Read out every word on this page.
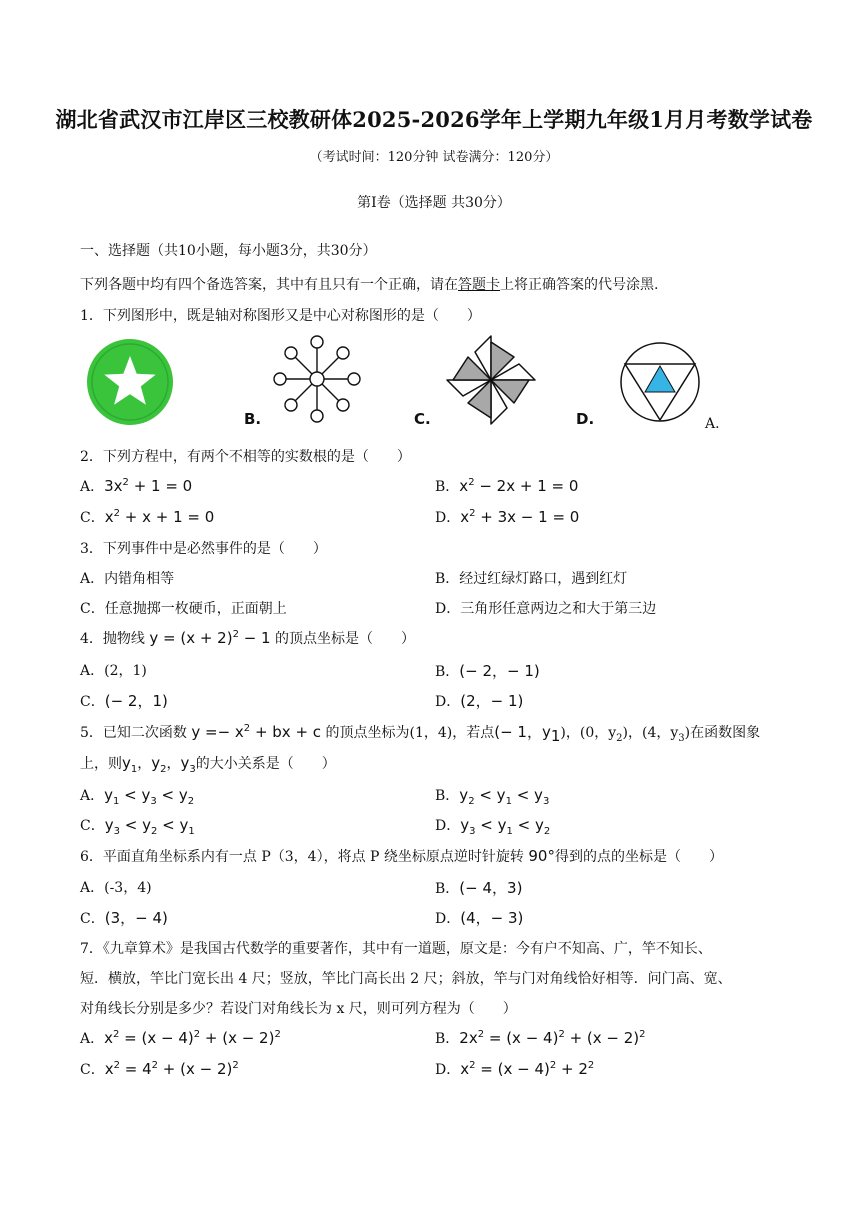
湖北省武汉市江岸区三校教研体2025-2026学年上学期九年级1月月考数学试卷
（考试时间：120分钟 试卷满分：120分）
第Ⅰ卷（选择题 共30分）
一、选择题（共10小题，每小题3分，共30分）
下列各题中均有四个备选答案，其中有且只有一个正确，请在答题卡上将正确答案的代号涂黑.
1．下列图形中，既是轴对称图形又是中心对称图形的是（　　）
B.	C.	D.	A.
2．下列方程中，有两个不相等的实数根的是（　　）
A．$3x^2 + 1 = 0$	B．$x^2 - 2x + 1 = 0$
C．$x^2 + x + 1 = 0$	D．$x^2 + 3x - 1 = 0$
3．下列事件中是必然事件的是（　　）
A．内错角相等	B．经过红绿灯路口，遇到红灯
C．任意抛掷一枚硬币，正面朝上	D．三角形任意两边之和大于第三边
4．抛物线 $y = (x + 2)^2 - 1$ 的顶点坐标是（　　）
A．(2，1)	B．(− 2，− 1)
C．(− 2，1)	D．(2，− 1)
5．已知二次函数 $y =- x^2$ + bx + c 的顶点坐标为(1，4)，若点(− 1，$y_1$)，(0，$y_2$)，(4，$y_3$)在函数图象
上，则$y_1$，$y_2$，$y_3$的大小关系是（　　）
A．$y_1 < y_3 < y_2$	B．$y_2 < y_1 < y_3$
C．$y_3 < y_2 < y_1$	D．$y_3 < y_1 < y_2$
6．平面直角坐标系内有一点 P（3，4），将点 P 绕坐标原点逆时针旋转 90°得到的点的坐标是（　　）
A．(-3，4)	B．(− 4，3)
C．(3，− 4)	D．(4，− 3)
7．《九章算术》是我国古代数学的重要著作，其中有一道题，原文是：今有户不知高、广，竿不知长、
短．横放，竿比门宽长出 4 尺；竖放，竿比门高长出 2 尺；斜放，竿与门对角线恰好相等．问门高、宽、
对角线长分别是多少？若设门对角线长为 x 尺，则可列方程为（　　）
A．$x^2 = (x - 4)^2 + (x - 2)^2$	B．$2x^2 = (x - 4)^2 + (x - 2)^2$
C．$x^2 = 4^2 + (x - 2)^2$	D．$x^2 = (x - 4)^2 + 2^2$
